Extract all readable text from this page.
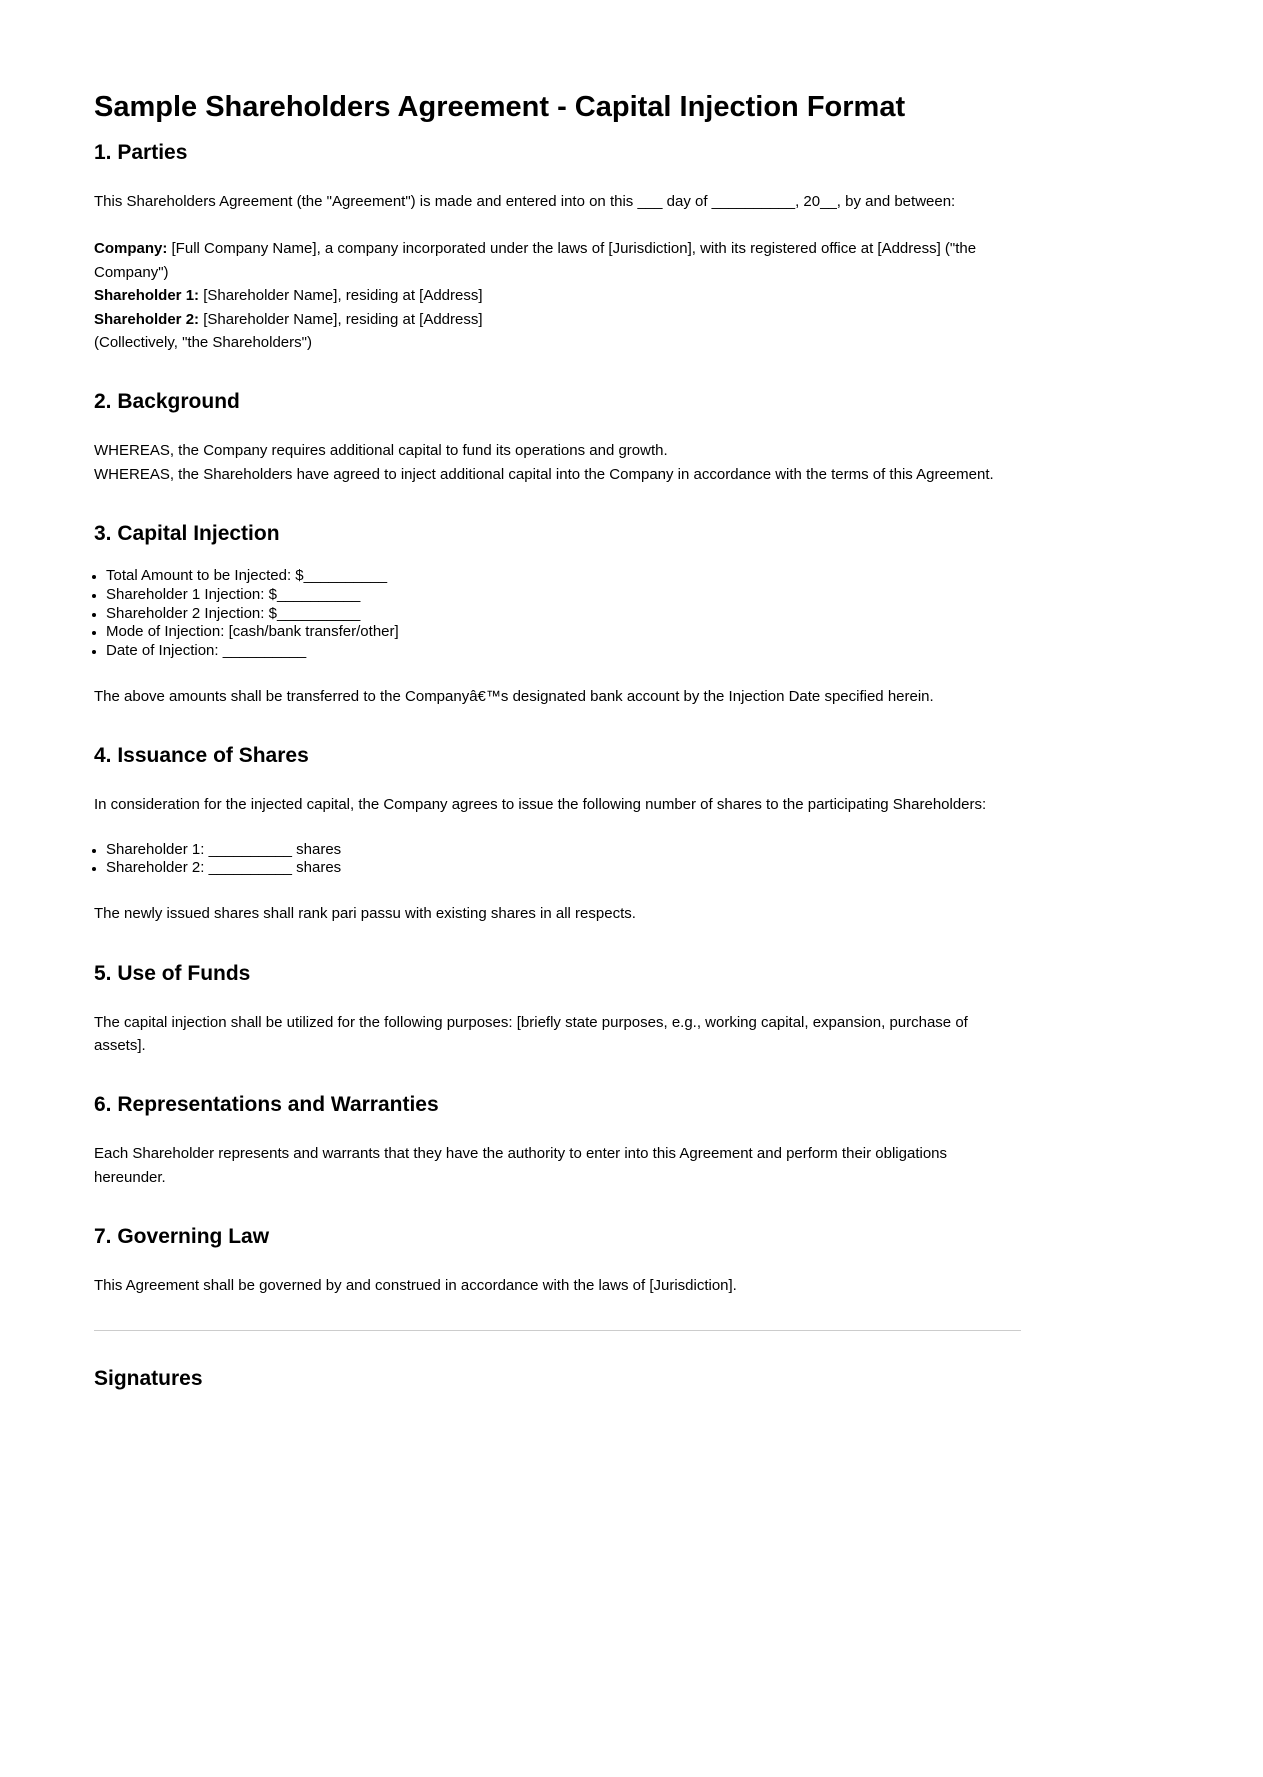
Sample Shareholders Agreement - Capital Injection Format
1. Parties

This Shareholders Agreement (the "Agreement") is made and entered into on this ___ day of __________, 20__, by and between:

Company: [Full Company Name], a company incorporated under the laws of [Jurisdiction], with its registered office at [Address] ("the Company")
Shareholder 1: [Shareholder Name], residing at [Address]
Shareholder 2: [Shareholder Name], residing at [Address]
(Collectively, "the Shareholders")

2. Background

WHEREAS, the Company requires additional capital to fund its operations and growth.
WHEREAS, the Shareholders have agreed to inject additional capital into the Company in accordance with the terms of this Agreement.

3. Capital Injection
• Total Amount to be Injected: $__________
• Shareholder 1 Injection: $__________
• Shareholder 2 Injection: $__________
• Mode of Injection: [cash/bank transfer/other]
• Date of Injection: __________

The above amounts shall be transferred to the Companyâ€™s designated bank account by the Injection Date specified herein.

4. Issuance of Shares

In consideration for the injected capital, the Company agrees to issue the following number of shares to the participating Shareholders:

• Shareholder 1: __________ shares
• Shareholder 2: __________ shares

The newly issued shares shall rank pari passu with existing shares in all respects.

5. Use of Funds

The capital injection shall be utilized for the following purposes: [briefly state purposes, e.g., working capital, expansion, purchase of assets].

6. Representations and Warranties

Each Shareholder represents and warrants that they have the authority to enter into this Agreement and perform their obligations hereunder.

7. Governing Law

This Agreement shall be governed by and construed in accordance with the laws of [Jurisdiction].

Signatures
